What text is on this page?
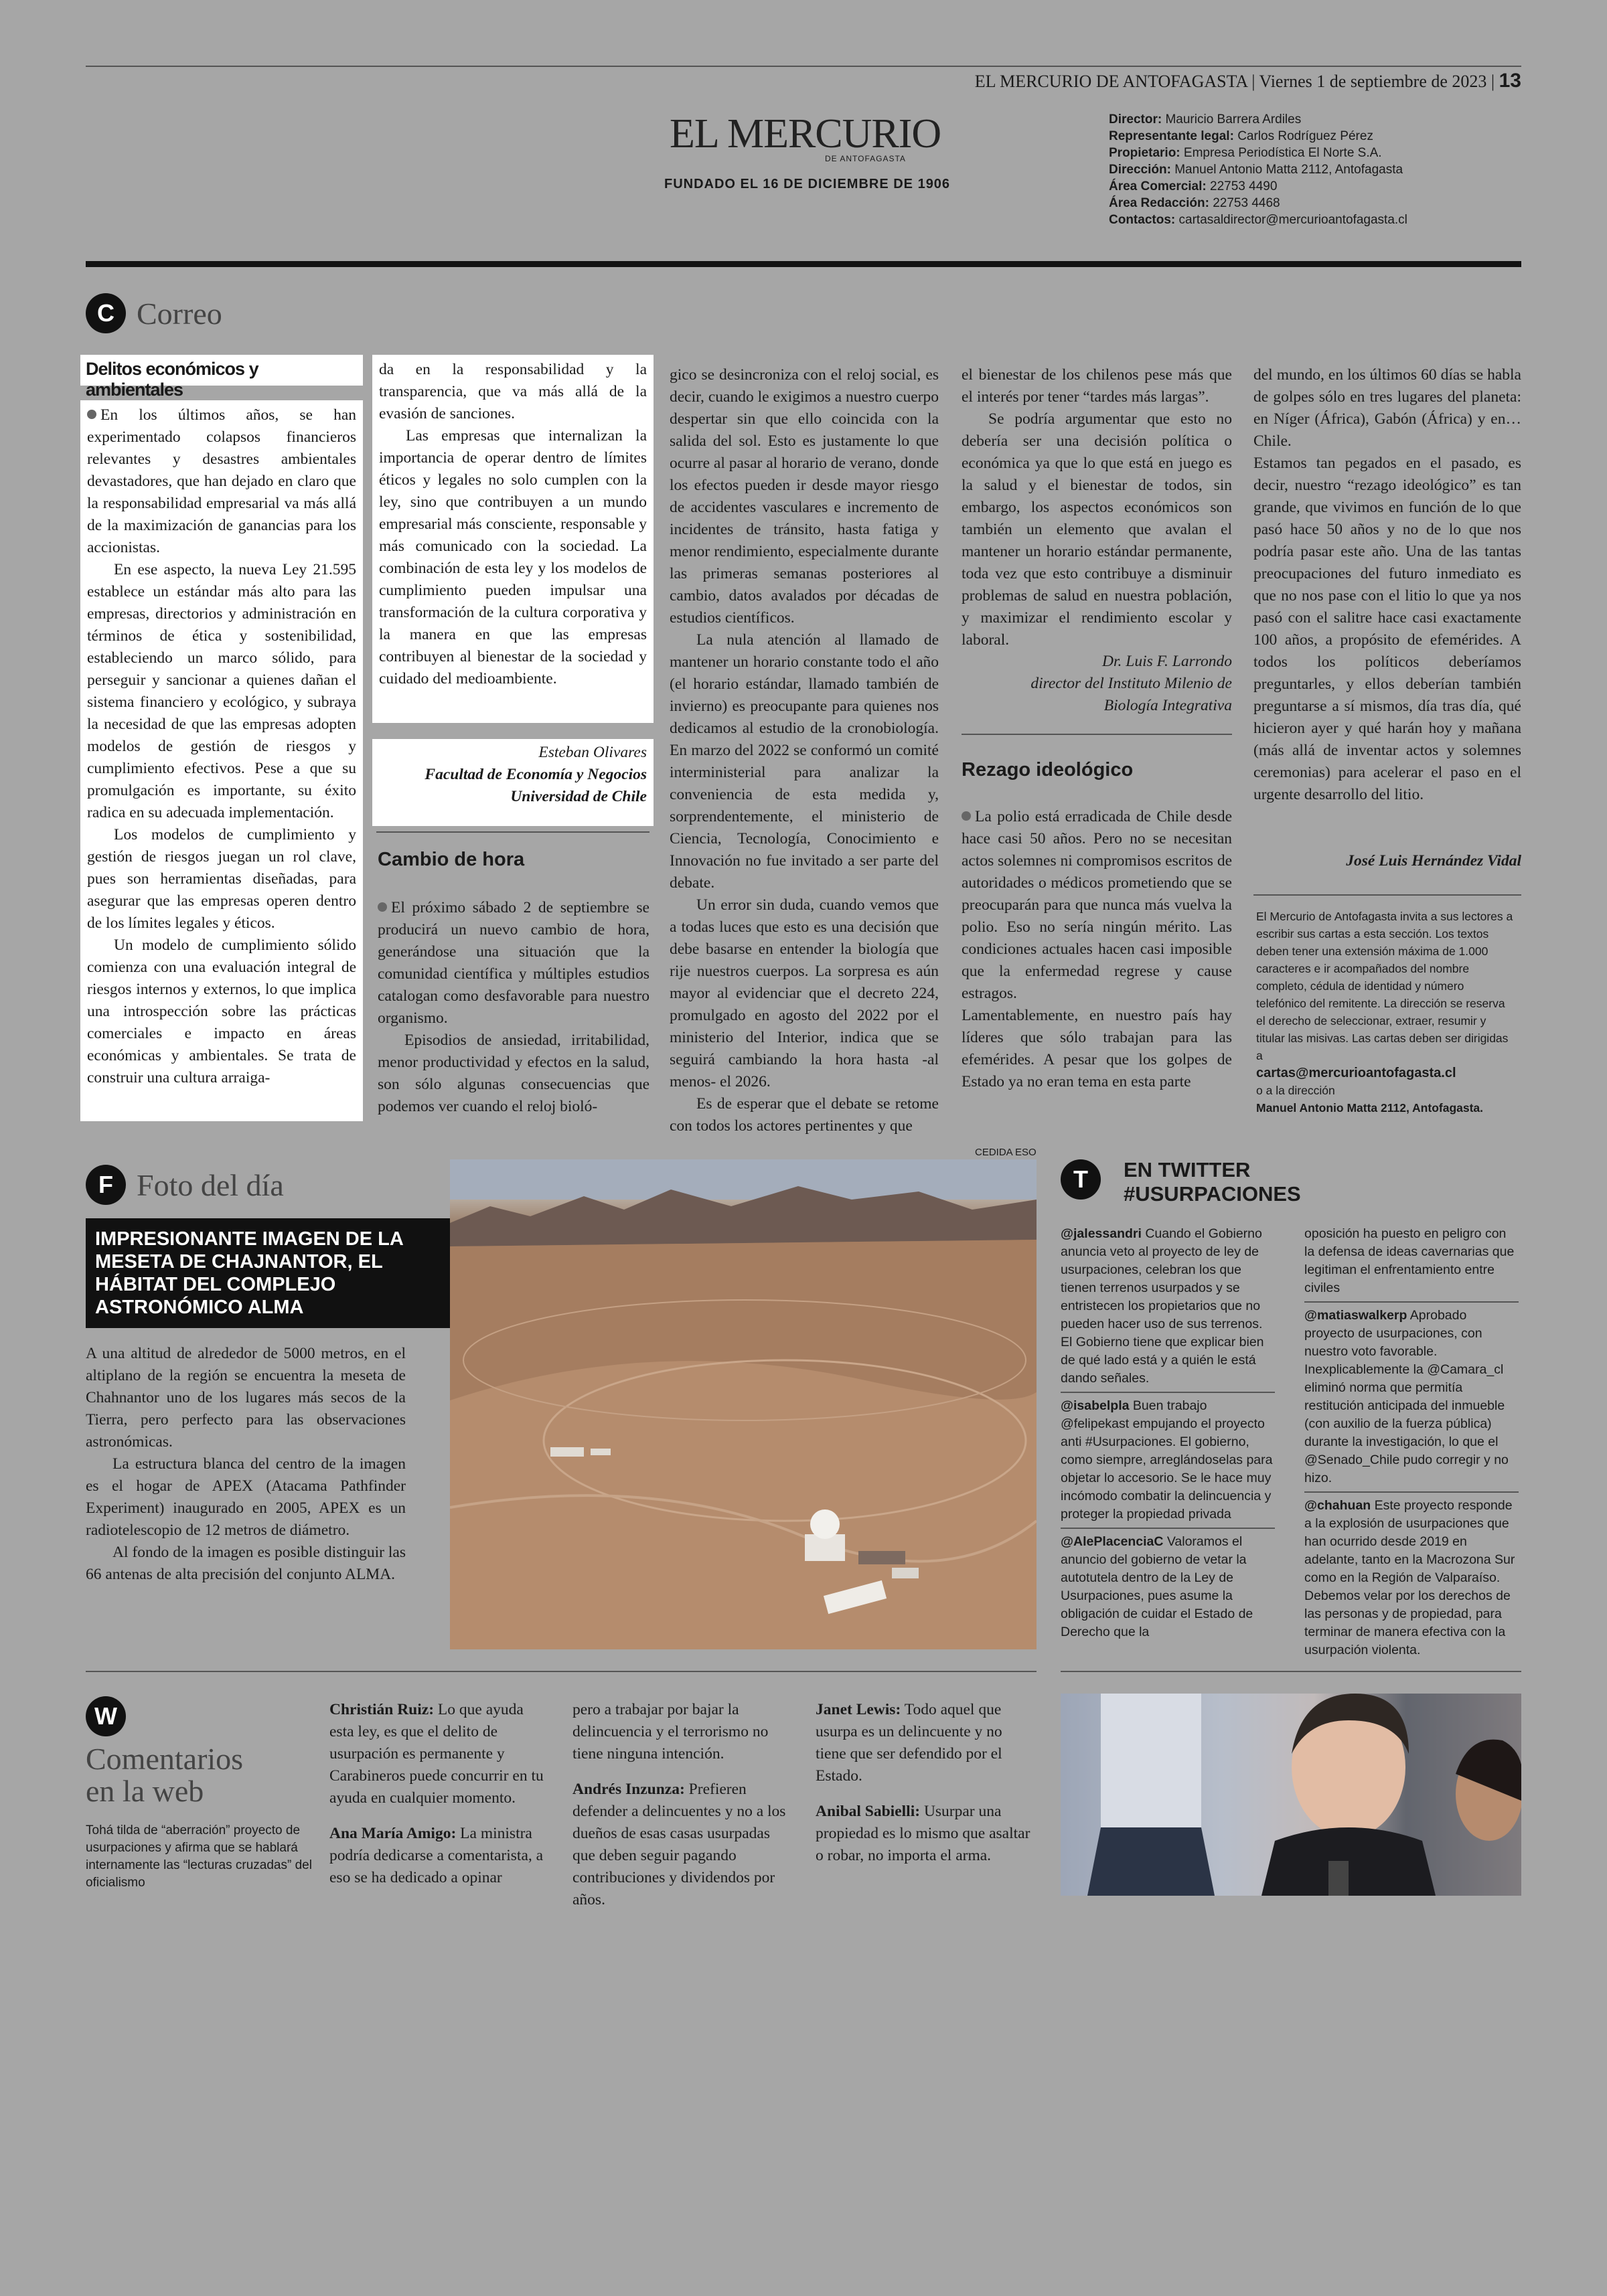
EL MERCURIO DE ANTOFAGASTA | Viernes 1 de septiembre de 2023 | 13
EL MERCURIO
DE ANTOFAGASTA
FUNDADO EL 16 DE DICIEMBRE DE 1906
Director: Mauricio Barrera Ardiles
Representante legal: Carlos Rodríguez Pérez
Propietario: Empresa Periodística El Norte S.A.
Dirección: Manuel Antonio Matta 2112, Antofagasta
Área Comercial: 22753 4490
Área Redacción: 22753 4468
Contactos: cartasaldirector@mercurioantofagasta.cl
C Correo
Delitos económicos y ambientales

En los últimos años, se han experimentado colapsos financieros relevantes y desastres ambientales devastadores, que han dejado en claro que la responsabilidad empresarial va más allá de la maximización de ganancias para los accionistas.

En ese aspecto, la nueva Ley 21.595 establece un estándar más alto para las empresas, directorios y administración en términos de ética y sostenibilidad, estableciendo un marco sólido, para perseguir y sancionar a quienes dañan el sistema financiero y ecológico, y subraya la necesidad de que las empresas adopten modelos de gestión de riesgos y cumplimiento efectivos. Pese a que su promulgación es importante, su éxito radica en su adecuada implementación.

Los modelos de cumplimiento y gestión de riesgos juegan un rol clave, pues son herramientas diseñadas, para asegurar que las empresas operen dentro de los límites legales y éticos.

Un modelo de cumplimiento sólido comienza con una evaluación integral de riesgos internos y externos, lo que implica una introspección sobre las prácticas comerciales e impacto en áreas económicas y ambientales. Se trata de construir una cultura arraiga-

da en la responsabilidad y la transparencia, que va más allá de la evasión de sanciones.

Las empresas que internalizan la importancia de operar dentro de límites éticos y legales no solo cumplen con la ley, sino que contribuyen a un mundo empresarial más consciente, responsable y más comunicado con la sociedad. La combinación de esta ley y los modelos de cumplimiento pueden impulsar una transformación de la cultura corporativa y la manera en que las empresas contribuyen al bienestar de la sociedad y cuidado del medioambiente.

Esteban Olivares
Facultad de Economía y Negocios
Universidad de Chile
Cambio de hora

El próximo sábado 2 de septiembre se producirá un nuevo cambio de hora, generándose una situación que la comunidad científica y múltiples estudios catalogan como desfavorable para nuestro organismo.

Episodios de ansiedad, irritabilidad, menor productividad y efectos en la salud, son sólo algunas consecuencias que podemos ver cuando el reloj bioló-

gico se desincroniza con el reloj social, es decir, cuando le exigimos a nuestro cuerpo despertar sin que ello coincida con la salida del sol. Esto es justamente lo que ocurre al pasar al horario de verano, donde los efectos pueden ir desde mayor riesgo de accidentes vasculares e incremento de incidentes de tránsito, hasta fatiga y menor rendimiento, especialmente durante las primeras semanas posteriores al cambio, datos avalados por décadas de estudios científicos.

La nula atención al llamado de mantener un horario constante todo el año (el horario estándar, llamado también de invierno) es preocupante para quienes nos dedicamos al estudio de la cronobiología. En marzo del 2022 se conformó un comité interministerial para analizar la conveniencia de esta medida y, sorprendentemente, el ministerio de Ciencia, Tecnología, Conocimiento e Innovación no fue invitado a ser parte del debate.

Un error sin duda, cuando vemos que a todas luces que esto es una decisión que debe basarse en entender la biología que rije nuestros cuerpos. La sorpresa es aún mayor al evidenciar que el decreto 224, promulgado en agosto del 2022 por el ministerio del Interior, indica que se seguirá cambiando la hora hasta -al menos- el 2026.

Es de esperar que el debate se retome con todos los actores pertinentes y que

el bienestar de los chilenos pese más que el interés por tener “tardes más largas”.

Se podría argumentar que esto no debería ser una decisión política o económica ya que lo que está en juego es la salud y el bienestar de todos, sin embargo, los aspectos económicos son también un elemento que avalan el mantener un horario estándar permanente, toda vez que esto contribuye a disminuir problemas de salud en nuestra población, y maximizar el rendimiento escolar y laboral.

Dr. Luis F. Larrondo
director del Instituto Milenio de
Biología Integrativa
Rezago ideológico

La polio está erradicada de Chile desde hace casi 50 años. Pero no se necesitan actos solemnes ni compromisos escritos de autoridades o médicos prometiendo que se preocuparán para que nunca más vuelva la polio. Eso no sería ningún mérito. Las condiciones actuales hacen casi imposible que la enfermedad regrese y cause estragos.

Lamentablemente, en nuestro país hay líderes que sólo trabajan para las efemérides. A pesar que los golpes de Estado ya no eran tema en esta parte

del mundo, en los últimos 60 días se habla de golpes sólo en tres lugares del planeta: en Níger (África), Gabón (África) y en… Chile.

Estamos tan pegados en el pasado, es decir, nuestro “rezago ideológico” es tan grande, que vivimos en función de lo que pasó hace 50 años y no de lo que nos podría pasar este año. Una de las tantas preocupaciones del futuro inmediato es que no nos pase con el litio lo que ya nos pasó con el salitre hace casi exactamente 100 años, a propósito de efemérides. A todos los políticos deberíamos preguntarles, y ellos deberían también preguntarse a sí mismos, día tras día, qué hicieron ayer y qué harán hoy y mañana (más allá de inventar actos y solemnes ceremonias) para acelerar el paso en el urgente desarrollo del litio.

José Luis Hernández Vidal
El Mercurio de Antofagasta invita a sus lectores a escribir sus cartas a esta sección. Los textos deben tener una extensión máxima de 1.000 caracteres e ir acompañados del nombre completo, cédula de identidad y número telefónico del remitente. La dirección se reserva el derecho de seleccionar, extraer, resumir y titular las misivas. Las cartas deben ser dirigidas a
cartas@mercurioantofagasta.cl
o a la dirección
Manuel Antonio Matta 2112, Antofagasta.
F Foto del día
IMPRESIONANTE IMAGEN DE LA MESETA DE CHAJNANTOR, EL HÁBITAT DEL COMPLEJO ASTRONÓMICO ALMA

A una altitud de alrededor de 5000 metros, en el altiplano de la región se encuentra la meseta de Chahnantor uno de los lugares más secos de la Tierra, pero perfecto para las observaciones astronómicas.

La estructura blanca del centro de la imagen es el hogar de APEX (Atacama Pathfinder Experiment) inaugurado en 2005, APEX es un radiotelescopio de 12 metros de diámetro.

Al fondo de la imagen es posible distinguir las 66 antenas de alta precisión del conjunto ALMA.

CEDIDA ESO
T	EN TWITTER
#USURPACIONES
@jalessandri Cuando el Gobierno anuncia veto al proyecto de ley de usurpaciones, celebran los que tienen terrenos usurpados y se entristecen los propietarios que no pueden hacer uso de sus terrenos. El Gobierno tiene que explicar bien de qué lado está y a quién le está dando señales.
@isabelpla Buen trabajo @felipekast empujando el proyecto anti #Usurpaciones. El gobierno, como siempre, arreglándoselas para objetar lo accesorio. Se le hace muy incómodo combatir la delincuencia y proteger la propiedad privada
@AlePlacenciaC Valoramos el anuncio del gobierno de vetar la autotutela dentro de la Ley de Usurpaciones, pues asume la obligación de cuidar el Estado de Derecho que la
oposición ha puesto en peligro con la defensa de ideas cavernarias que legitiman el enfrentamiento entre civiles
@matiaswalkerp Aprobado proyecto de usurpaciones, con nuestro voto favorable. Inexplicablemente la @Camara_cl eliminó norma que permitía restitución anticipada del inmueble (con auxilio de la fuerza pública) durante la investigación, lo que el @Senado_Chile pudo corregir y no hizo.
@chahuan Este proyecto responde a la explosión de usurpaciones que han ocurrido desde 2019 en adelante, tanto en la Macrozona Sur como en la Región de Valparaíso. Debemos velar por los derechos de las personas y de propiedad, para terminar de manera efectiva con la usurpación violenta.
W
Comentarios
en la web
Tohá tilda de “aberración” proyecto de usurpaciones y afirma que se hablará internamente las “lecturas cruzadas” del oficialismo
Christián Ruiz: Lo que ayuda esta ley, es que el delito de usurpación es permanente y Carabineros puede concurrir en tu ayuda en cualquier momento.
Ana María Amigo: La ministra podría dedicarse a comentarista, a eso se ha dedicado a opinar
pero a trabajar por bajar la delincuencia y el terrorismo no tiene ninguna intención.
Andrés Inzunza: Prefieren defender a delincuentes y no a los dueños de esas casas usurpadas que deben seguir pagando contribuciones y dividendos por años.
Janet Lewis: Todo aquel que usurpa es un delincuente y no tiene que ser defendido por el Estado.
Anibal Sabielli: Usurpar una propiedad es lo mismo que asaltar o robar, no importa el arma.
